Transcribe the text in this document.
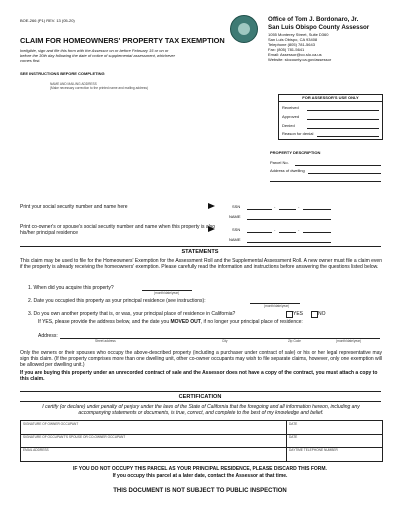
BOE-266 (P1) REV. 13 (05-20)
CLAIM FOR HOMEOWNERS' PROPERTY TAX EXEMPTION
Ineligible, sign and file this form with the Assessor on or before February 15 or on or before the 30th day following the date of notice of supplemental assessment, whichever comes first.
SEE INSTRUCTIONS BEFORE COMPLETING
NAME AND MAILING ADDRESS
(Make necessary correction to the printed name and mailing address)
Office of Tom J. Bordonaro, Jr.
San Luis Obispo County Assessor
1055 Monterey Street, Suite D360
San Luis Obispo, CA 93408
Telephone (805) 781-5643
Fax: (805) 781-5641
Email: Assessor@co.slo.ca.us
Website: slocounty.ca.gov/assessor
FOR ASSESSOR'S USE ONLY
Received
Approved
Denied
Reason for denial
PROPERTY DESCRIPTION
Parcel No.
Address of dwelling
Print your social security number and name here	SSN	-	-
NAME
Print co-owner's or spouse's social security number and name when this property is also his/her principal residence
SSN	-	-
NAME
STATEMENTS
This claim may be used to file for the Homeowners' Exemption for the Assessment Roll and the Supplemental Assessment Roll. A new owner must file a claim even if the property is already receiving the homeowners' exemption. Please carefully read the information and instructions before answering the questions listed below.
1. When did you acquire this property?
(month/date/year)
2. Date you occupied this property as your principal residence (see instructions):
(month/date/year)
3. Do you own another property that is, or was, your principal place of residence in California?	YES	NO
If YES, please provide the address below, and the date you MOVED OUT, if no longer your principal place of residence:
Address:
Street address	City	Zip Code	(month/date/year)
Only the owners or their spouses who occupy the above-described property (including a purchaser under contract of sale) or his or her legal representative may sign this claim. (If the property comprises more than one dwelling unit, other co-owner occupants may wish to file separate claims, however, only one exemption will be allowed per dwelling unit.)
If you are buying this property under an unrecorded contract of sale and the Assessor does not have a copy of the contract, you must attach a copy to this claim.
CERTIFICATION
I certify (or declare) under penalty of perjury under the laws of the State of California that the foregoing and all information hereon, including any accompanying statements or documents, is true, correct, and complete to the best of my knowledge and belief.
SIGNATURE OF OWNER OCCUPANT	DATE
SIGNATURE OF OCCUPANT'S SPOUSE OR CO-OWNER OCCUPANT	DATE
EMAIL ADDRESS	DAYTIME TELEPHONE NUMBER
IF YOU DO NOT OCCUPY THIS PARCEL AS YOUR PRINCIPAL RESIDENCE, PLEASE DISCARD THIS FORM.
If you occupy this parcel at a later date, contact the Assessor at that time.
THIS DOCUMENT IS NOT SUBJECT TO PUBLIC INSPECTION
